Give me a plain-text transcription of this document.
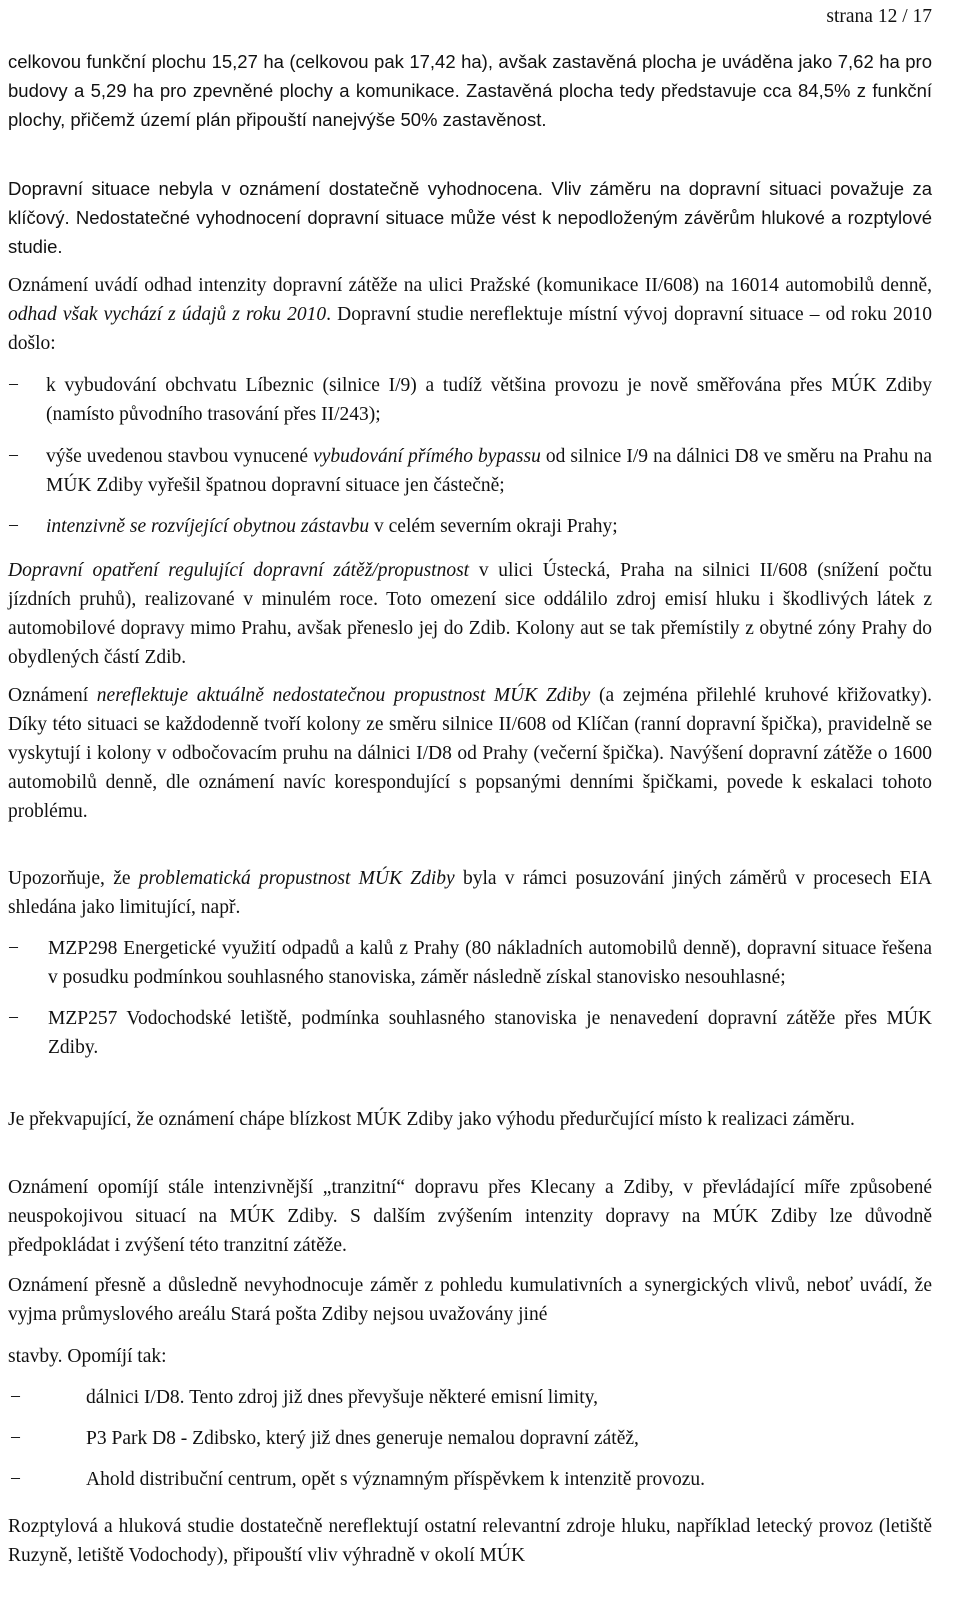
strana 12 / 17

celkovou funkční plochu 15,27 ha (celkovou pak 17,42 ha), avšak zastavěná plocha je uváděna jako 7,62 ha pro budovy a 5,29 ha pro zpevněné plochy a komunikace. Zastavěná plocha tedy představuje cca 84,5% z funkční plochy, přičemž území plán připouští nanejvýše 50% zastavěnost.

Dopravní situace nebyla v oznámení dostatečně vyhodnocena. Vliv záměru na dopravní situaci považuje za klíčový. Nedostatečné vyhodnocení dopravní situace může vést k nepodloženým závěrům hlukové a rozptylové studie.

Oznámení uvádí odhad intenzity dopravní zátěže na ulici Pražské (komunikace II/608) na 16014 automobilů denně, odhad však vychází z údajů z roku 2010. Dopravní studie nereflektuje místní vývoj dopravní situace – od roku 2010 došlo:

− k vybudování obchvatu Líbeznic (silnice I/9) a tudíž většina provozu je nově směřována přes MÚK Zdiby (namísto původního trasování přes II/243);
− výše uvedenou stavbou vynucené vybudování přímého bypassu od silnice I/9 na dálnici D8 ve směru na Prahu na MÚK Zdiby vyřešil špatnou dopravní situace jen částečně;
− intenzivně se rozvíjející obytnou zástavbu v celém severním okraji Prahy;

Dopravní opatření regulující dopravní zátěž/propustnost v ulici Ústecká, Praha na silnici II/608 (snížení počtu jízdních pruhů), realizované v minulém roce. Toto omezení sice oddálilo zdroj emisí hluku i škodlivých látek z automobilové dopravy mimo Prahu, avšak přeneslo jej do Zdib. Kolony aut se tak přemístily z obytné zóny Prahy do obydlených částí Zdib.

Oznámení nereflektuje aktuálně nedostatečnou propustnost MÚK Zdiby (a zejména přilehlé kruhové křižovatky). Díky této situaci se každodenně tvoří kolony ze směru silnice II/608 od Klíčan (ranní dopravní špička), pravidelně se vyskytují i kolony v odbočovacím pruhu na dálnici I/D8 od Prahy (večerní špička). Navýšení dopravní zátěže o 1600 automobilů denně, dle oznámení navíc korespondující s popsanými denními špičkami, povede k eskalaci tohoto problému.

Upozorňuje, že problematická propustnost MÚK Zdiby byla v rámci posuzování jiných záměrů v procesech EIA shledána jako limitující, např.

− MZP298 Energetické využití odpadů a kalů z Prahy (80 nákladních automobilů denně), dopravní situace řešena v posudku podmínkou souhlasného stanoviska, záměr následně získal stanovisko nesouhlasné;
− MZP257 Vodochodské letiště, podmínka souhlasného stanoviska je nenavedení dopravní zátěže přes MÚK Zdiby.

Je překvapující, že oznámení chápe blízkost MÚK Zdiby jako výhodu předurčující místo k realizaci záměru.

Oznámení opomíjí stále intenzivnější „tranzitní“ dopravu přes Klecany a Zdiby, v převládající míře způsobené neuspokojivou situací na MÚK Zdiby. S dalším zvýšením intenzity dopravy na MÚK Zdiby lze důvodně předpokládat i zvýšení této tranzitní zátěže.

Oznámení přesně a důsledně nevyhodnocuje záměr z pohledu kumulativních a synergických vlivů, neboť uvádí, že vyjma průmyslového areálu Stará pošta Zdiby nejsou uvažovány jiné

stavby. Opomíjí tak:

− dálnici I/D8. Tento zdroj již dnes převyšuje některé emisní limity,
− P3 Park D8 - Zdibsko, který již dnes generuje nemalou dopravní zátěž,
− Ahold distribuční centrum, opět s významným příspěvkem k intenzitě provozu.

Rozptylová a hluková studie dostatečně nereflektují ostatní relevantní zdroje hluku, například letecký provoz (letiště Ruzyně, letiště Vodochody), připouští vliv výhradně v okolí MÚK
